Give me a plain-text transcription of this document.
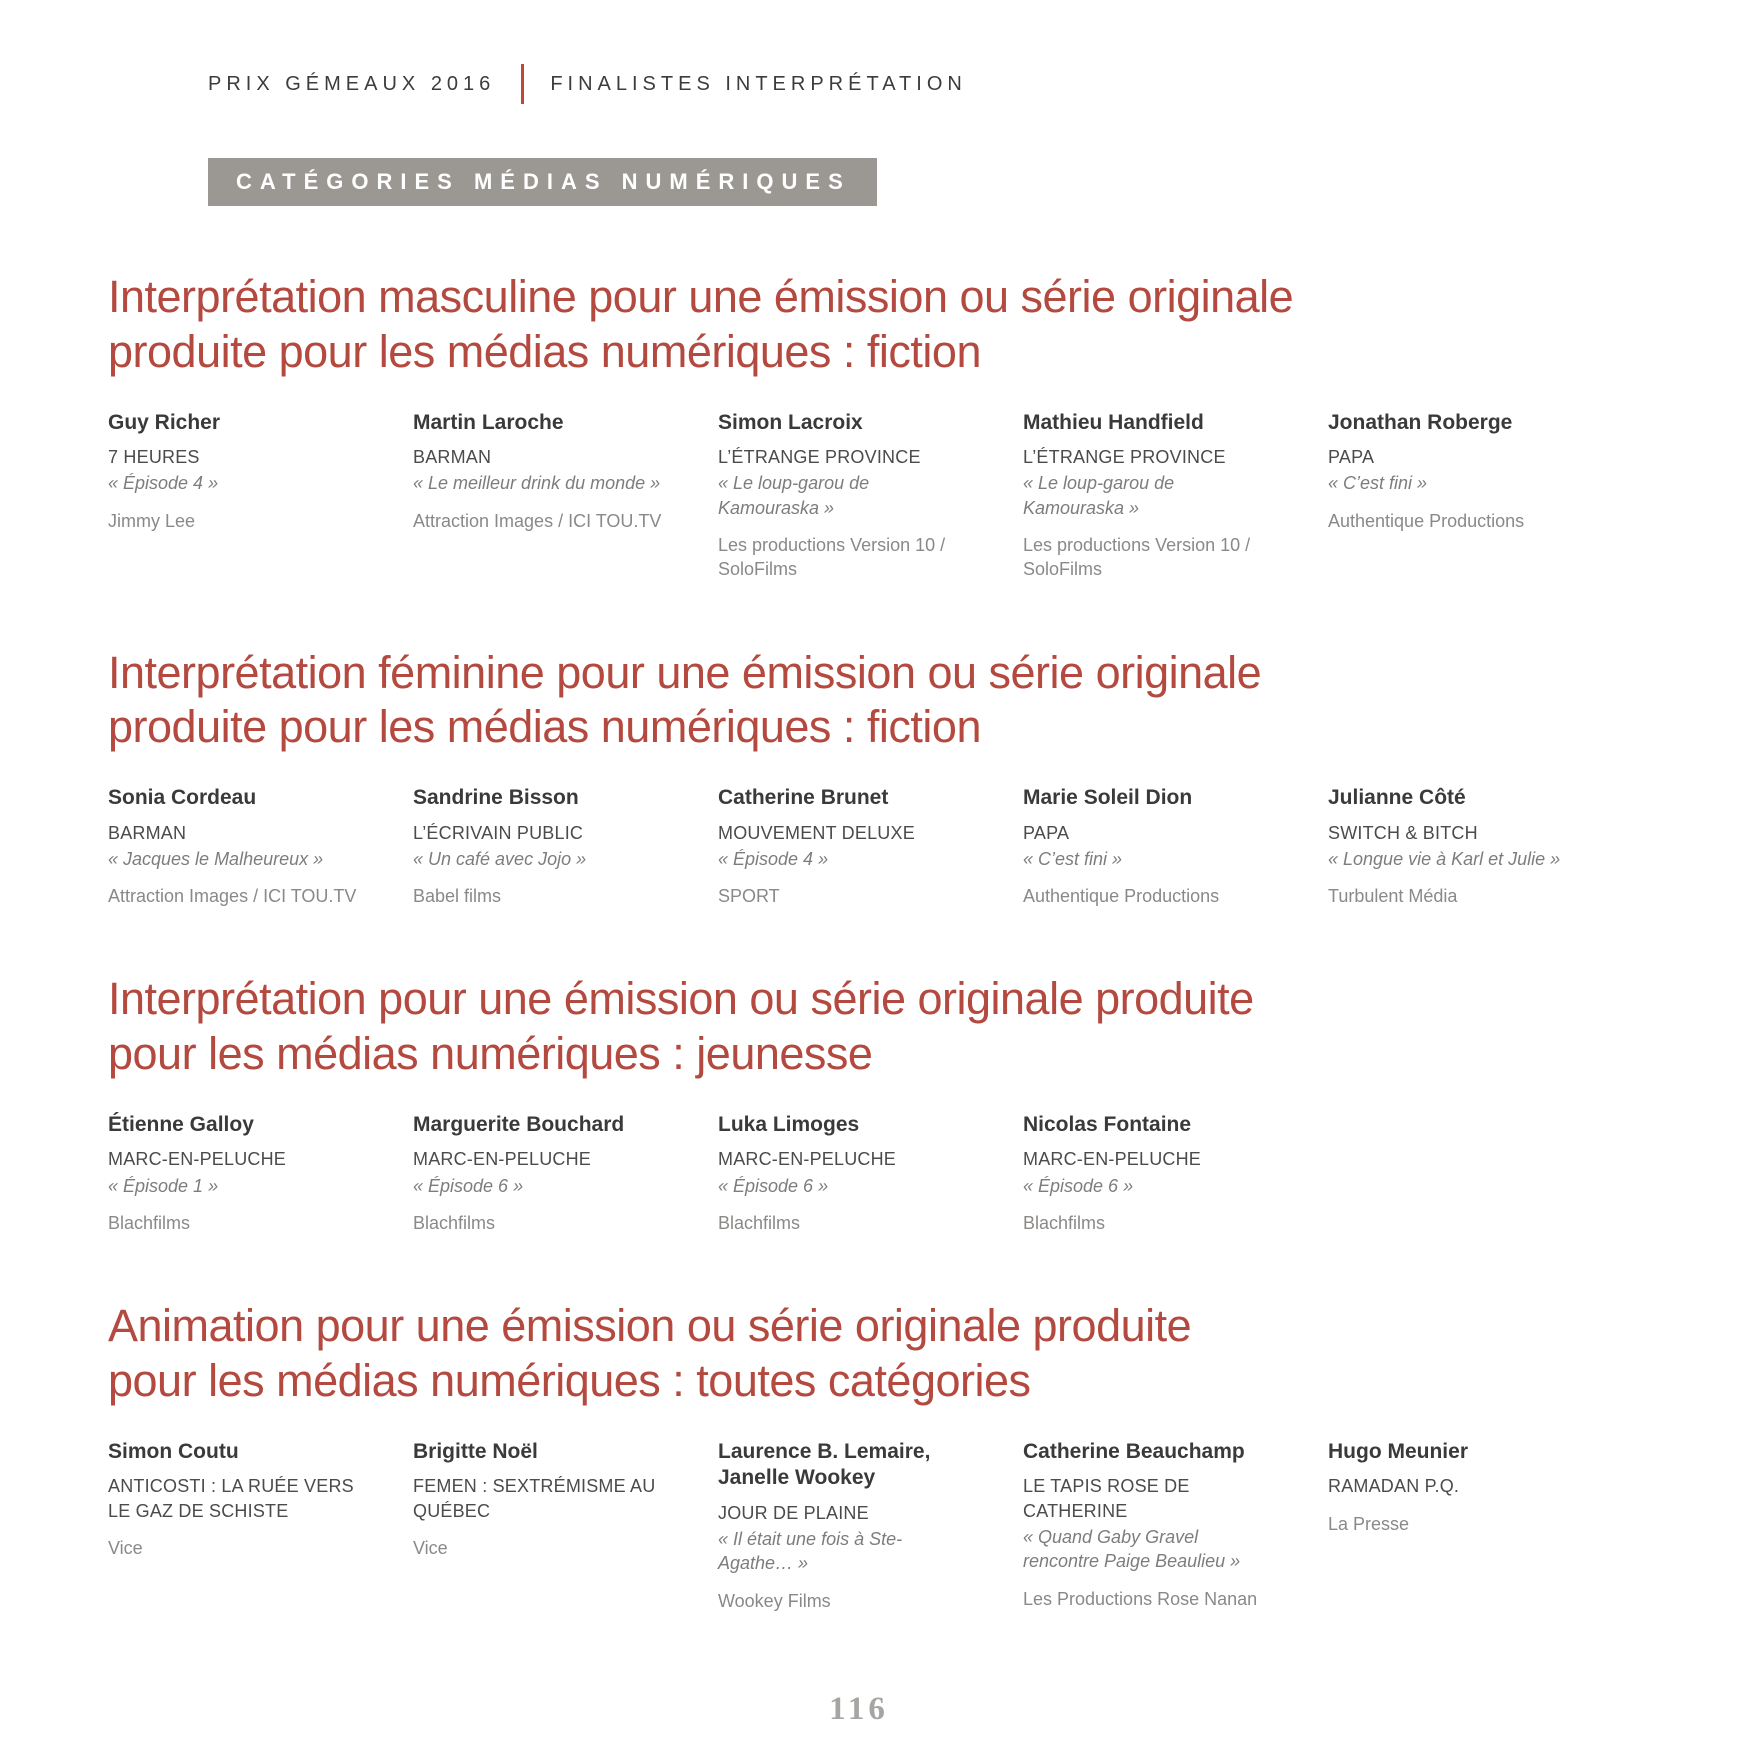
PRIX GÉMEAUX 2016	FINALISTES INTERPRÉTATION
CATÉGORIES MÉDIAS NUMÉRIQUES
Interprétation masculine pour une émission ou série originale
produite pour les médias numériques : fiction
Guy Richer
7 HEURES
« Épisode 4 »
Jimmy Lee
Martin Laroche
BARMAN
« Le meilleur drink du monde »
Attraction Images / ICI TOU.TV
Simon Lacroix
L’ÉTRANGE PROVINCE
« Le loup-garou de Kamouraska »
Les productions Version 10 / SoloFilms
Mathieu Handfield
L’ÉTRANGE PROVINCE
« Le loup-garou de Kamouraska »
Les productions Version 10 / SoloFilms
Jonathan Roberge
PAPA
« C’est fini »
Authentique Productions
Interprétation féminine pour une émission ou série originale
produite pour les médias numériques : fiction
Sonia Cordeau
BARMAN
« Jacques le Malheureux »
Attraction Images / ICI TOU.TV
Sandrine Bisson
L’ÉCRIVAIN PUBLIC
« Un café avec Jojo »
Babel films
Catherine Brunet
MOUVEMENT DELUXE
« Épisode 4 »
SPORT
Marie Soleil Dion
PAPA
« C’est fini »
Authentique Productions
Julianne Côté
SWITCH & BITCH
« Longue vie à Karl et Julie »
Turbulent Média
Interprétation pour une émission ou série originale produite
pour les médias numériques : jeunesse
Étienne Galloy
MARC-EN-PELUCHE
« Épisode 1 »
Blachfilms
Marguerite Bouchard
MARC-EN-PELUCHE
« Épisode 6 »
Blachfilms
Luka Limoges
MARC-EN-PELUCHE
« Épisode 6 »
Blachfilms
Nicolas Fontaine
MARC-EN-PELUCHE
« Épisode 6 »
Blachfilms
Animation pour une émission ou série originale produite
pour les médias numériques : toutes catégories
Simon Coutu
ANTICOSTI : LA RUÉE VERS LE GAZ DE SCHISTE
Vice
Brigitte Noël
FEMEN : SEXTRÉMISME AU QUÉBEC
Vice
Laurence B. Lemaire, Janelle Wookey
JOUR DE PLAINE
« Il était une fois à Ste-Agathe… »
Wookey Films
Catherine Beauchamp
LE TAPIS ROSE DE CATHERINE
« Quand Gaby Gravel rencontre Paige Beaulieu »
Les Productions Rose Nanan
Hugo Meunier
RAMADAN P.Q.
La Presse
116
